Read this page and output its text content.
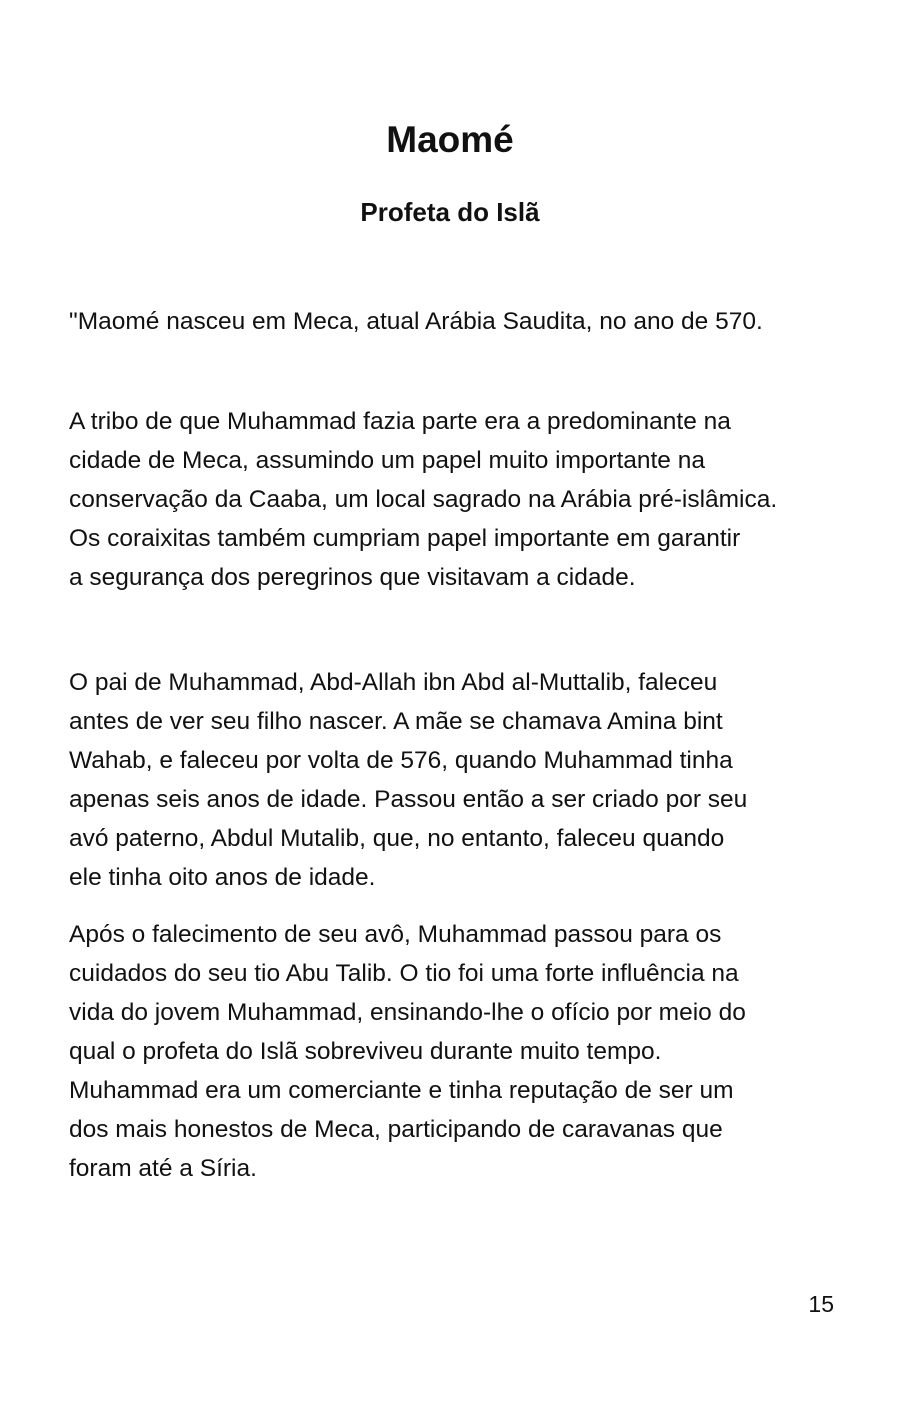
Maomé
Profeta do Islã

"Maomé nasceu em Meca, atual Arábia Saudita, no ano de 570.

A tribo de que Muhammad fazia parte era a predominante na
cidade de Meca, assumindo um papel muito importante na
conservação da Caaba, um local sagrado na Arábia pré-islâmica.
Os coraixitas também cumpriam papel importante em garantir
a segurança dos peregrinos que visitavam a cidade.

O pai de Muhammad, Abd-Allah ibn Abd al-Muttalib, faleceu
antes de ver seu filho nascer. A mãe se chamava Amina bint
Wahab, e faleceu por volta de 576, quando Muhammad tinha
apenas seis anos de idade. Passou então a ser criado por seu
avó paterno, Abdul Mutalib, que, no entanto, faleceu quando
ele tinha oito anos de idade.

Após o falecimento de seu avô, Muhammad passou para os
cuidados do seu tio Abu Talib. O tio foi uma forte influência na
vida do jovem Muhammad, ensinando-lhe o ofício por meio do
qual o profeta do Islã sobreviveu durante muito tempo.
Muhammad era um comerciante e tinha reputação de ser um
dos mais honestos de Meca, participando de caravanas que
foram até a Síria.

15
